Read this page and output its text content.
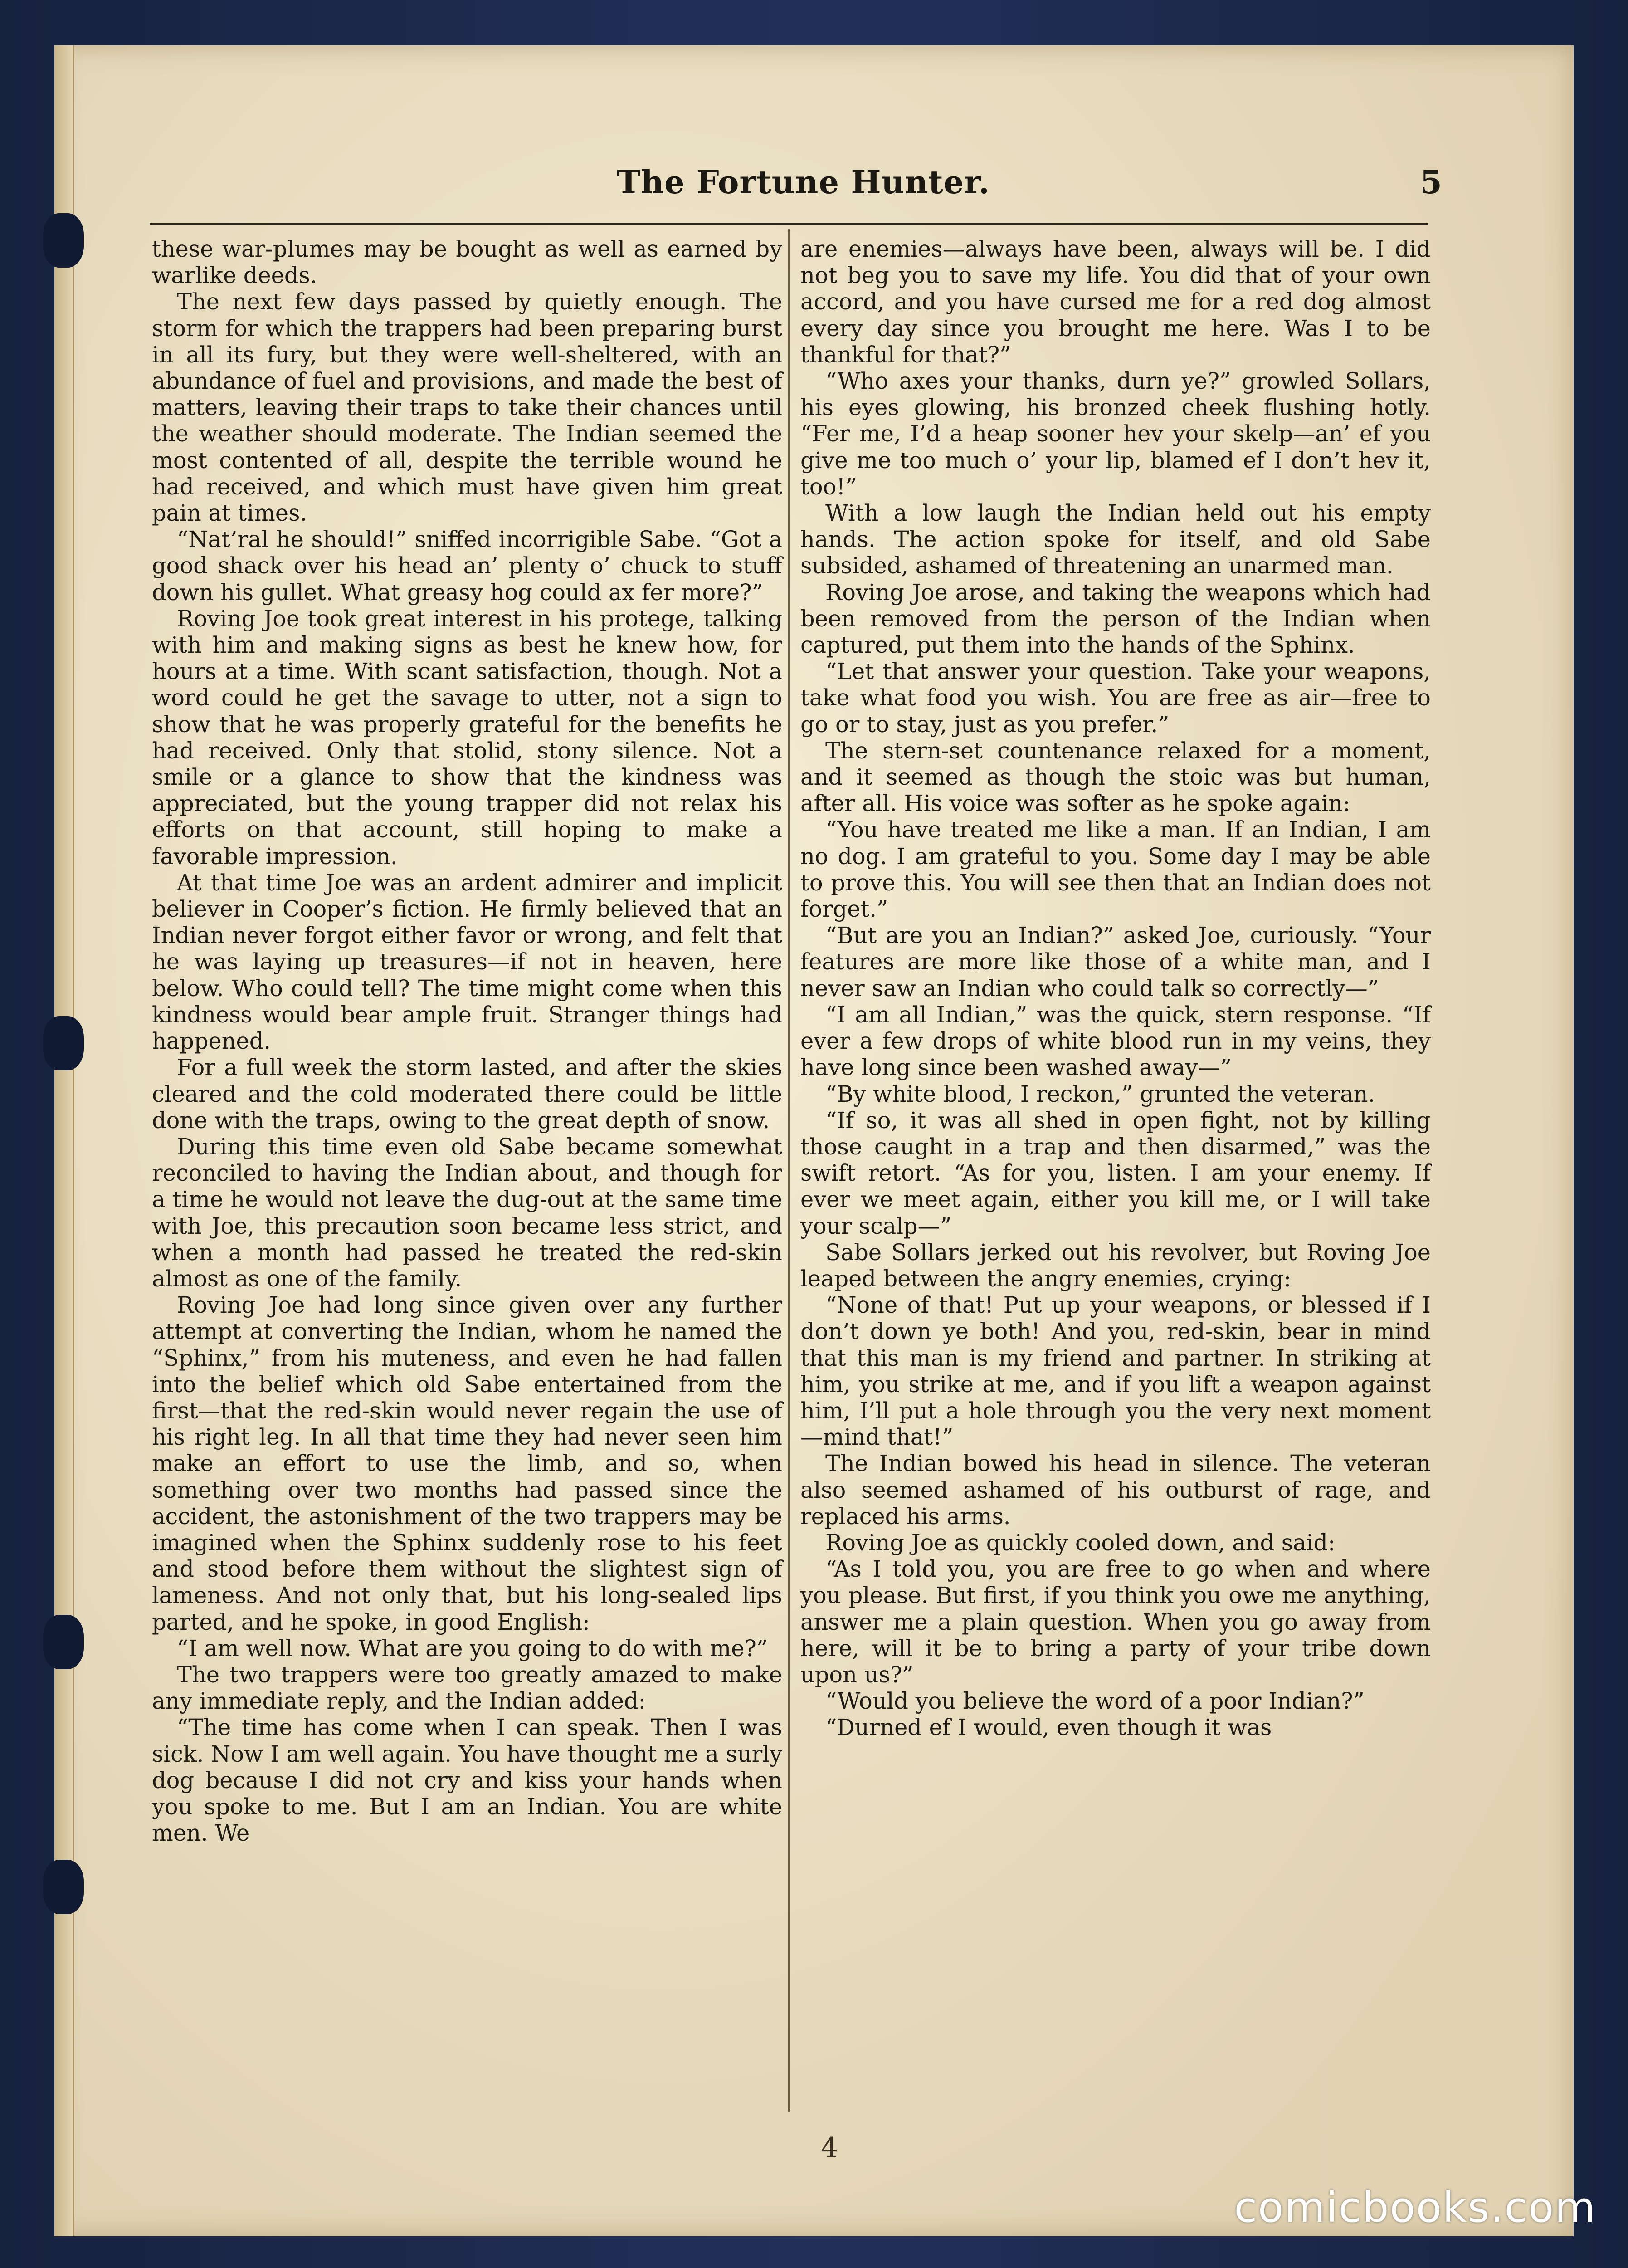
The Fortune Hunter.	5

these war-plumes may be bought as well as earned by warlike deeds.

The next few days passed by quietly enough. The storm for which the trappers had been preparing burst in all its fury, but they were well-sheltered, with an abundance of fuel and provisions, and made the best of matters, leaving their traps to take their chances until the weather should moderate. The Indian seemed the most contented of all, despite the terrible wound he had received, and which must have given him great pain at times.

“Nat’ral he should!” sniffed incorrigible Sabe. “Got a good shack over his head an’ plenty o’ chuck to stuff down his gullet. What greasy hog could ax fer more?”

Roving Joe took great interest in his protege, talking with him and making signs as best he knew how, for hours at a time. With scant satisfaction, though. Not a word could he get the savage to utter, not a sign to show that he was properly grateful for the benefits he had received. Only that stolid, stony silence. Not a smile or a glance to show that the kindness was appreciated, but the young trapper did not relax his efforts on that account, still hoping to make a favorable impression.

At that time Joe was an ardent admirer and implicit believer in Cooper’s fiction. He firmly believed that an Indian never forgot either favor or wrong, and felt that he was laying up treasures—if not in heaven, here below. Who could tell? The time might come when this kindness would bear ample fruit. Stranger things had happened.

For a full week the storm lasted, and after the skies cleared and the cold moderated there could be little done with the traps, owing to the great depth of snow.

During this time even old Sabe became somewhat reconciled to having the Indian about, and though for a time he would not leave the dug-out at the same time with Joe, this precaution soon became less strict, and when a month had passed he treated the red-skin almost as one of the family.

Roving Joe had long since given over any further attempt at converting the Indian, whom he named the “Sphinx,” from his muteness, and even he had fallen into the belief which old Sabe entertained from the first—that the red-skin would never regain the use of his right leg. In all that time they had never seen him make an effort to use the limb, and so, when something over two months had passed since the accident, the astonishment of the two trappers may be imagined when the Sphinx suddenly rose to his feet and stood before them without the slightest sign of lameness. And not only that, but his long-sealed lips parted, and he spoke, in good English:

“I am well now. What are you going to do with me?”

The two trappers were too greatly amazed to make any immediate reply, and the Indian added:

“The time has come when I can speak. Then I was sick. Now I am well again. You have thought me a surly dog because I did not cry and kiss your hands when you spoke to me. But I am an Indian. You are white men. We

are enemies—always have been, always will be. I did not beg you to save my life. You did that of your own accord, and you have cursed me for a red dog almost every day since you brought me here. Was I to be thankful for that?”

“Who axes your thanks, durn ye?” growled Sollars, his eyes glowing, his bronzed cheek flushing hotly. “Fer me, I’d a heap sooner hev your skelp—an’ ef you give me too much o’ your lip, blamed ef I don’t hev it, too!”

With a low laugh the Indian held out his empty hands. The action spoke for itself, and old Sabe subsided, ashamed of threatening an unarmed man.

Roving Joe arose, and taking the weapons which had been removed from the person of the Indian when captured, put them into the hands of the Sphinx.

“Let that answer your question. Take your weapons, take what food you wish. You are free as air—free to go or to stay, just as you prefer.”

The stern-set countenance relaxed for a moment, and it seemed as though the stoic was but human, after all. His voice was softer as he spoke again:

“You have treated me like a man. If an Indian, I am no dog. I am grateful to you. Some day I may be able to prove this. You will see then that an Indian does not forget.”

“But are you an Indian?” asked Joe, curiously. “Your features are more like those of a white man, and I never saw an Indian who could talk so correctly—”

“I am all Indian,” was the quick, stern response. “If ever a few drops of white blood run in my veins, they have long since been washed away—”

“By white blood, I reckon,” grunted the veteran.

“If so, it was all shed in open fight, not by killing those caught in a trap and then disarmed,” was the swift retort. “As for you, listen. I am your enemy. If ever we meet again, either you kill me, or I will take your scalp—”

Sabe Sollars jerked out his revolver, but Roving Joe leaped between the angry enemies, crying:

“None of that! Put up your weapons, or blessed if I don’t down ye both! And you, red-skin, bear in mind that this man is my friend and partner. In striking at him, you strike at me, and if you lift a weapon against him, I’ll put a hole through you the very next moment—mind that!”

The Indian bowed his head in silence. The veteran also seemed ashamed of his outburst of rage, and replaced his arms.

Roving Joe as quickly cooled down, and said:

“As I told you, you are free to go when and where you please. But first, if you think you owe me anything, answer me a plain question. When you go away from here, will it be to bring a party of your tribe down upon us?”

“Would you believe the word of a poor Indian?”

“Durned ef I would, even though it was

4
comicbooks.com
